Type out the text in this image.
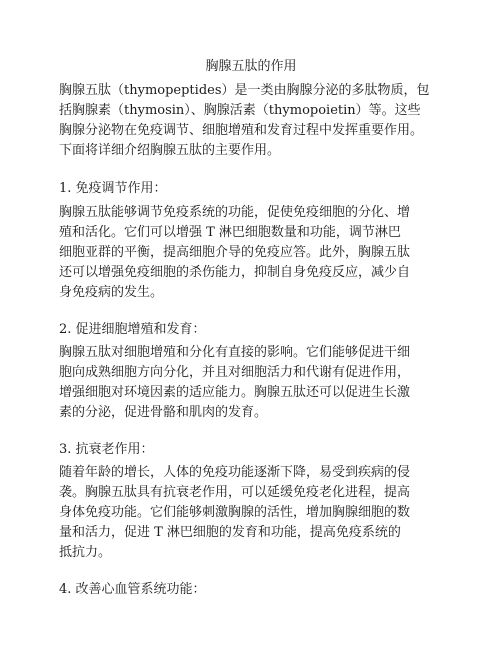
胸腺五肽的作用
胸腺五肽（thymopeptides）是一类由胸腺分泌的多肽物质，包
括胸腺素（thymosin）、胸腺活素（thymopoietin）等。这些
胸腺分泌物在免疫调节、细胞增殖和发育过程中发挥重要作用。
下面将详细介绍胸腺五肽的主要作用。
1. 免疫调节作用：
胸腺五肽能够调节免疫系统的功能，促使免疫细胞的分化、增
殖和活化。它们可以增强 T 淋巴细胞数量和功能，调节淋巴
细胞亚群的平衡，提高细胞介导的免疫应答。此外，胸腺五肽
还可以增强免疫细胞的杀伤能力，抑制自身免疫反应，减少自
身免疫病的发生。
2. 促进细胞增殖和发育：
胸腺五肽对细胞增殖和分化有直接的影响。它们能够促进干细
胞向成熟细胞方向分化，并且对细胞活力和代谢有促进作用，
增强细胞对环境因素的适应能力。胸腺五肽还可以促进生长激
素的分泌，促进骨骼和肌肉的发育。
3. 抗衰老作用：
随着年龄的增长，人体的免疫功能逐渐下降，易受到疾病的侵
袭。胸腺五肽具有抗衰老作用，可以延缓免疫老化进程，提高
身体免疫功能。它们能够刺激胸腺的活性，增加胸腺细胞的数
量和活力，促进 T 淋巴细胞的发育和功能，提高免疫系统的
抵抗力。
4. 改善心血管系统功能：
